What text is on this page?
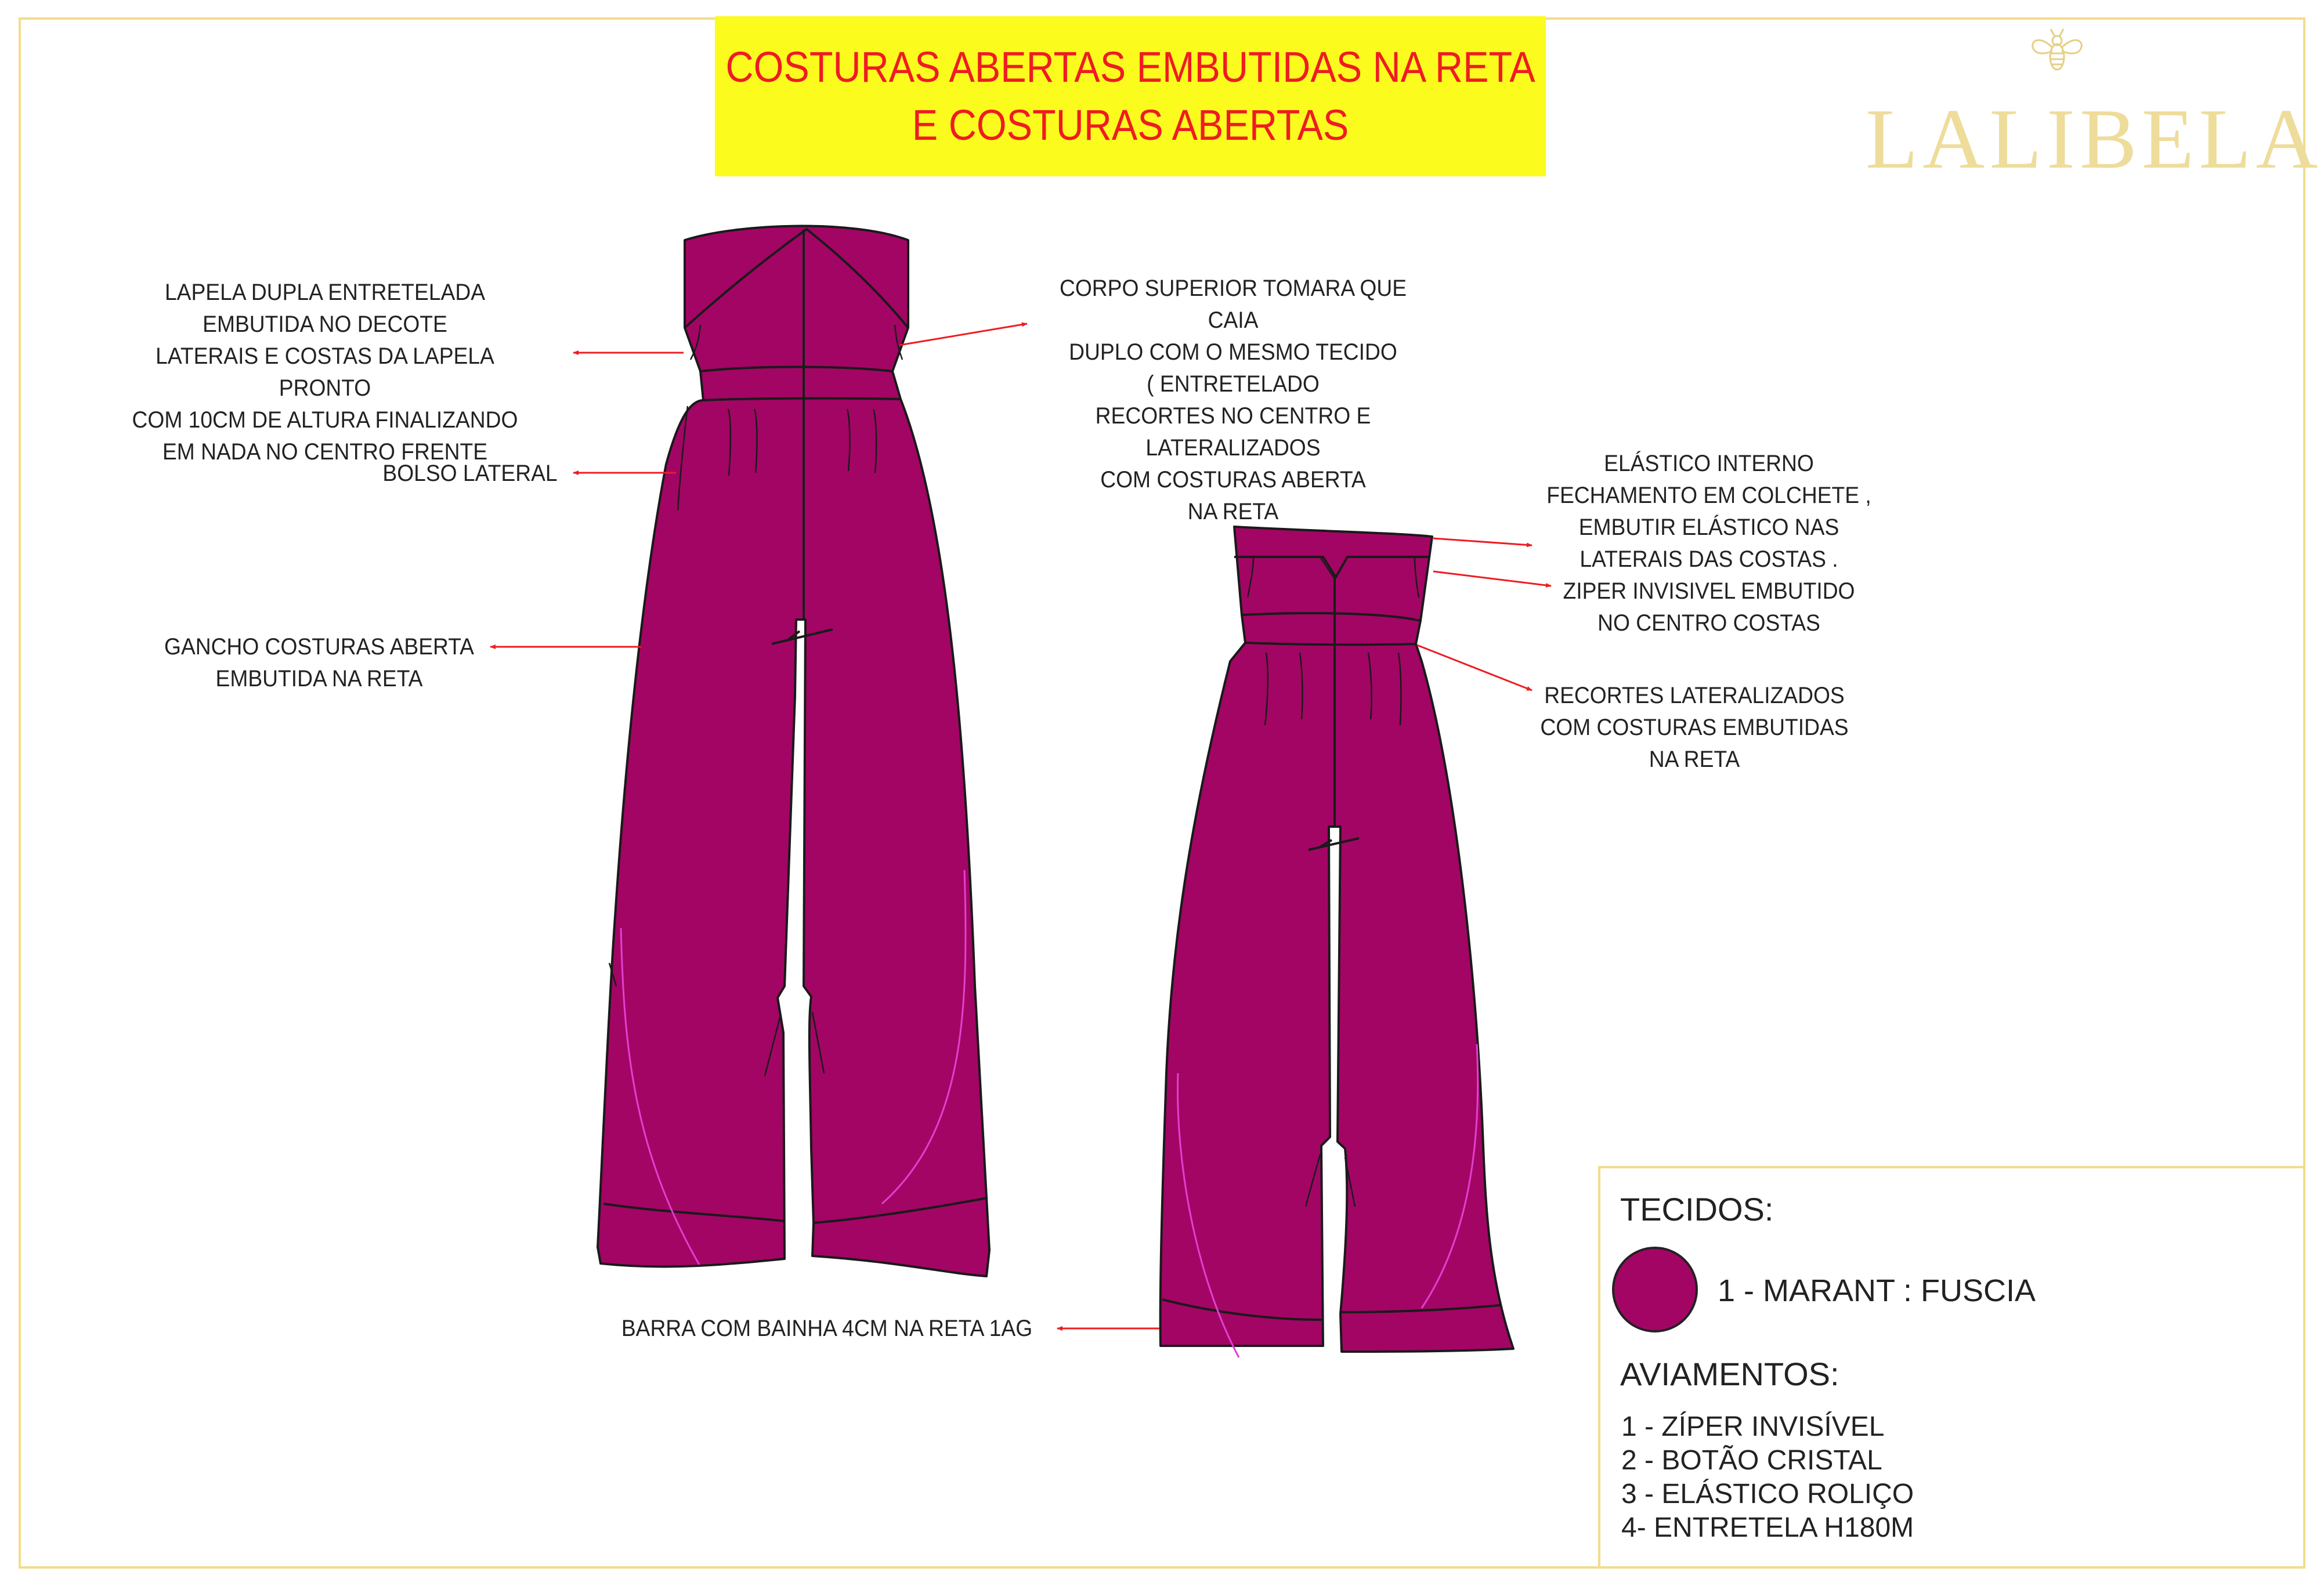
COSTURAS ABERTAS EMBUTIDAS NA RETA
E COSTURAS ABERTAS	LALIBELA
LAPELA DUPLA ENTRETELADA
EMBUTIDA NO DECOTE
LATERAIS E COSTAS DA LAPELA PRONTO
COM 10CM DE ALTURA FINALIZANDO
EM NADA NO CENTRO FRENTE
BOLSO LATERAL
GANCHO COSTURAS ABERTA
EMBUTIDA NA RETA
CORPO SUPERIOR TOMARA QUE CAIA
DUPLO COM O MESMO TECIDO
( ENTRETELADO
RECORTES NO CENTRO E
LATERALIZADOS
COM COSTURAS ABERTA
NA RETA
ELÁSTICO INTERNO
FECHAMENTO EM COLCHETE ,
EMBUTIR ELÁSTICO NAS
LATERAIS DAS COSTAS .
ZIPER INVISIVEL EMBUTIDO
NO CENTRO COSTAS
RECORTES LATERALIZADOS
COM COSTURAS EMBUTIDAS
NA RETA
BARRA COM BAINHA 4CM NA RETA 1AG
TECIDOS:
1 - MARANT : FUSCIA
AVIAMENTOS:
1 - ZÍPER INVISÍVEL
2 - BOTÃO CRISTAL
3 - ELÁSTICO ROLIÇO
4- ENTRETELA H180M
